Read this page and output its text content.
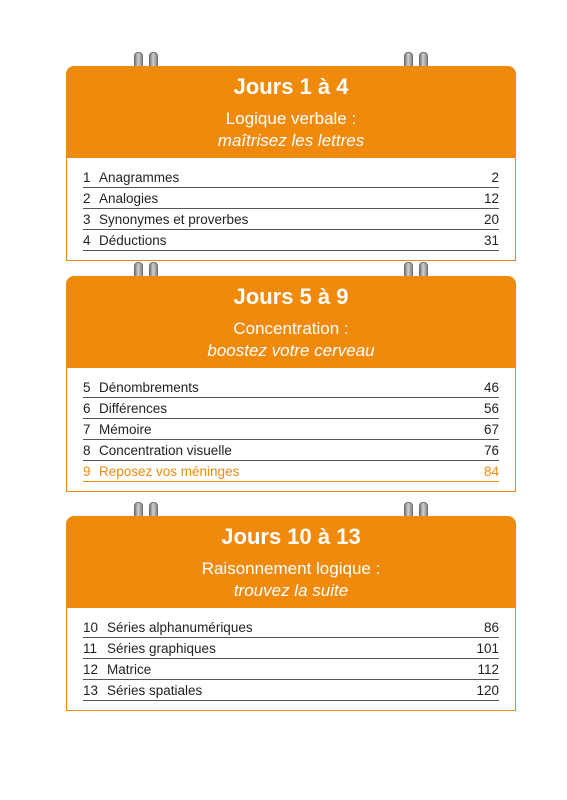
Jours 1 à 4
Logique verbale :
maîtrisez les lettres
1 Anagrammes	2
2 Analogies	12
3 Synonymes et proverbes	20
4 Déductions	31
Jours 5 à 9
Concentration :
boostez votre cerveau
5 Dénombrements	46
6 Différences	56
7 Mémoire	67
8 Concentration visuelle	76
9 Reposez vos méninges	84
Jours 10 à 13
Raisonnement logique :
trouvez la suite
10 Séries alphanumériques	86
11 Séries graphiques	101
12 Matrice	112
13 Séries spatiales	120
